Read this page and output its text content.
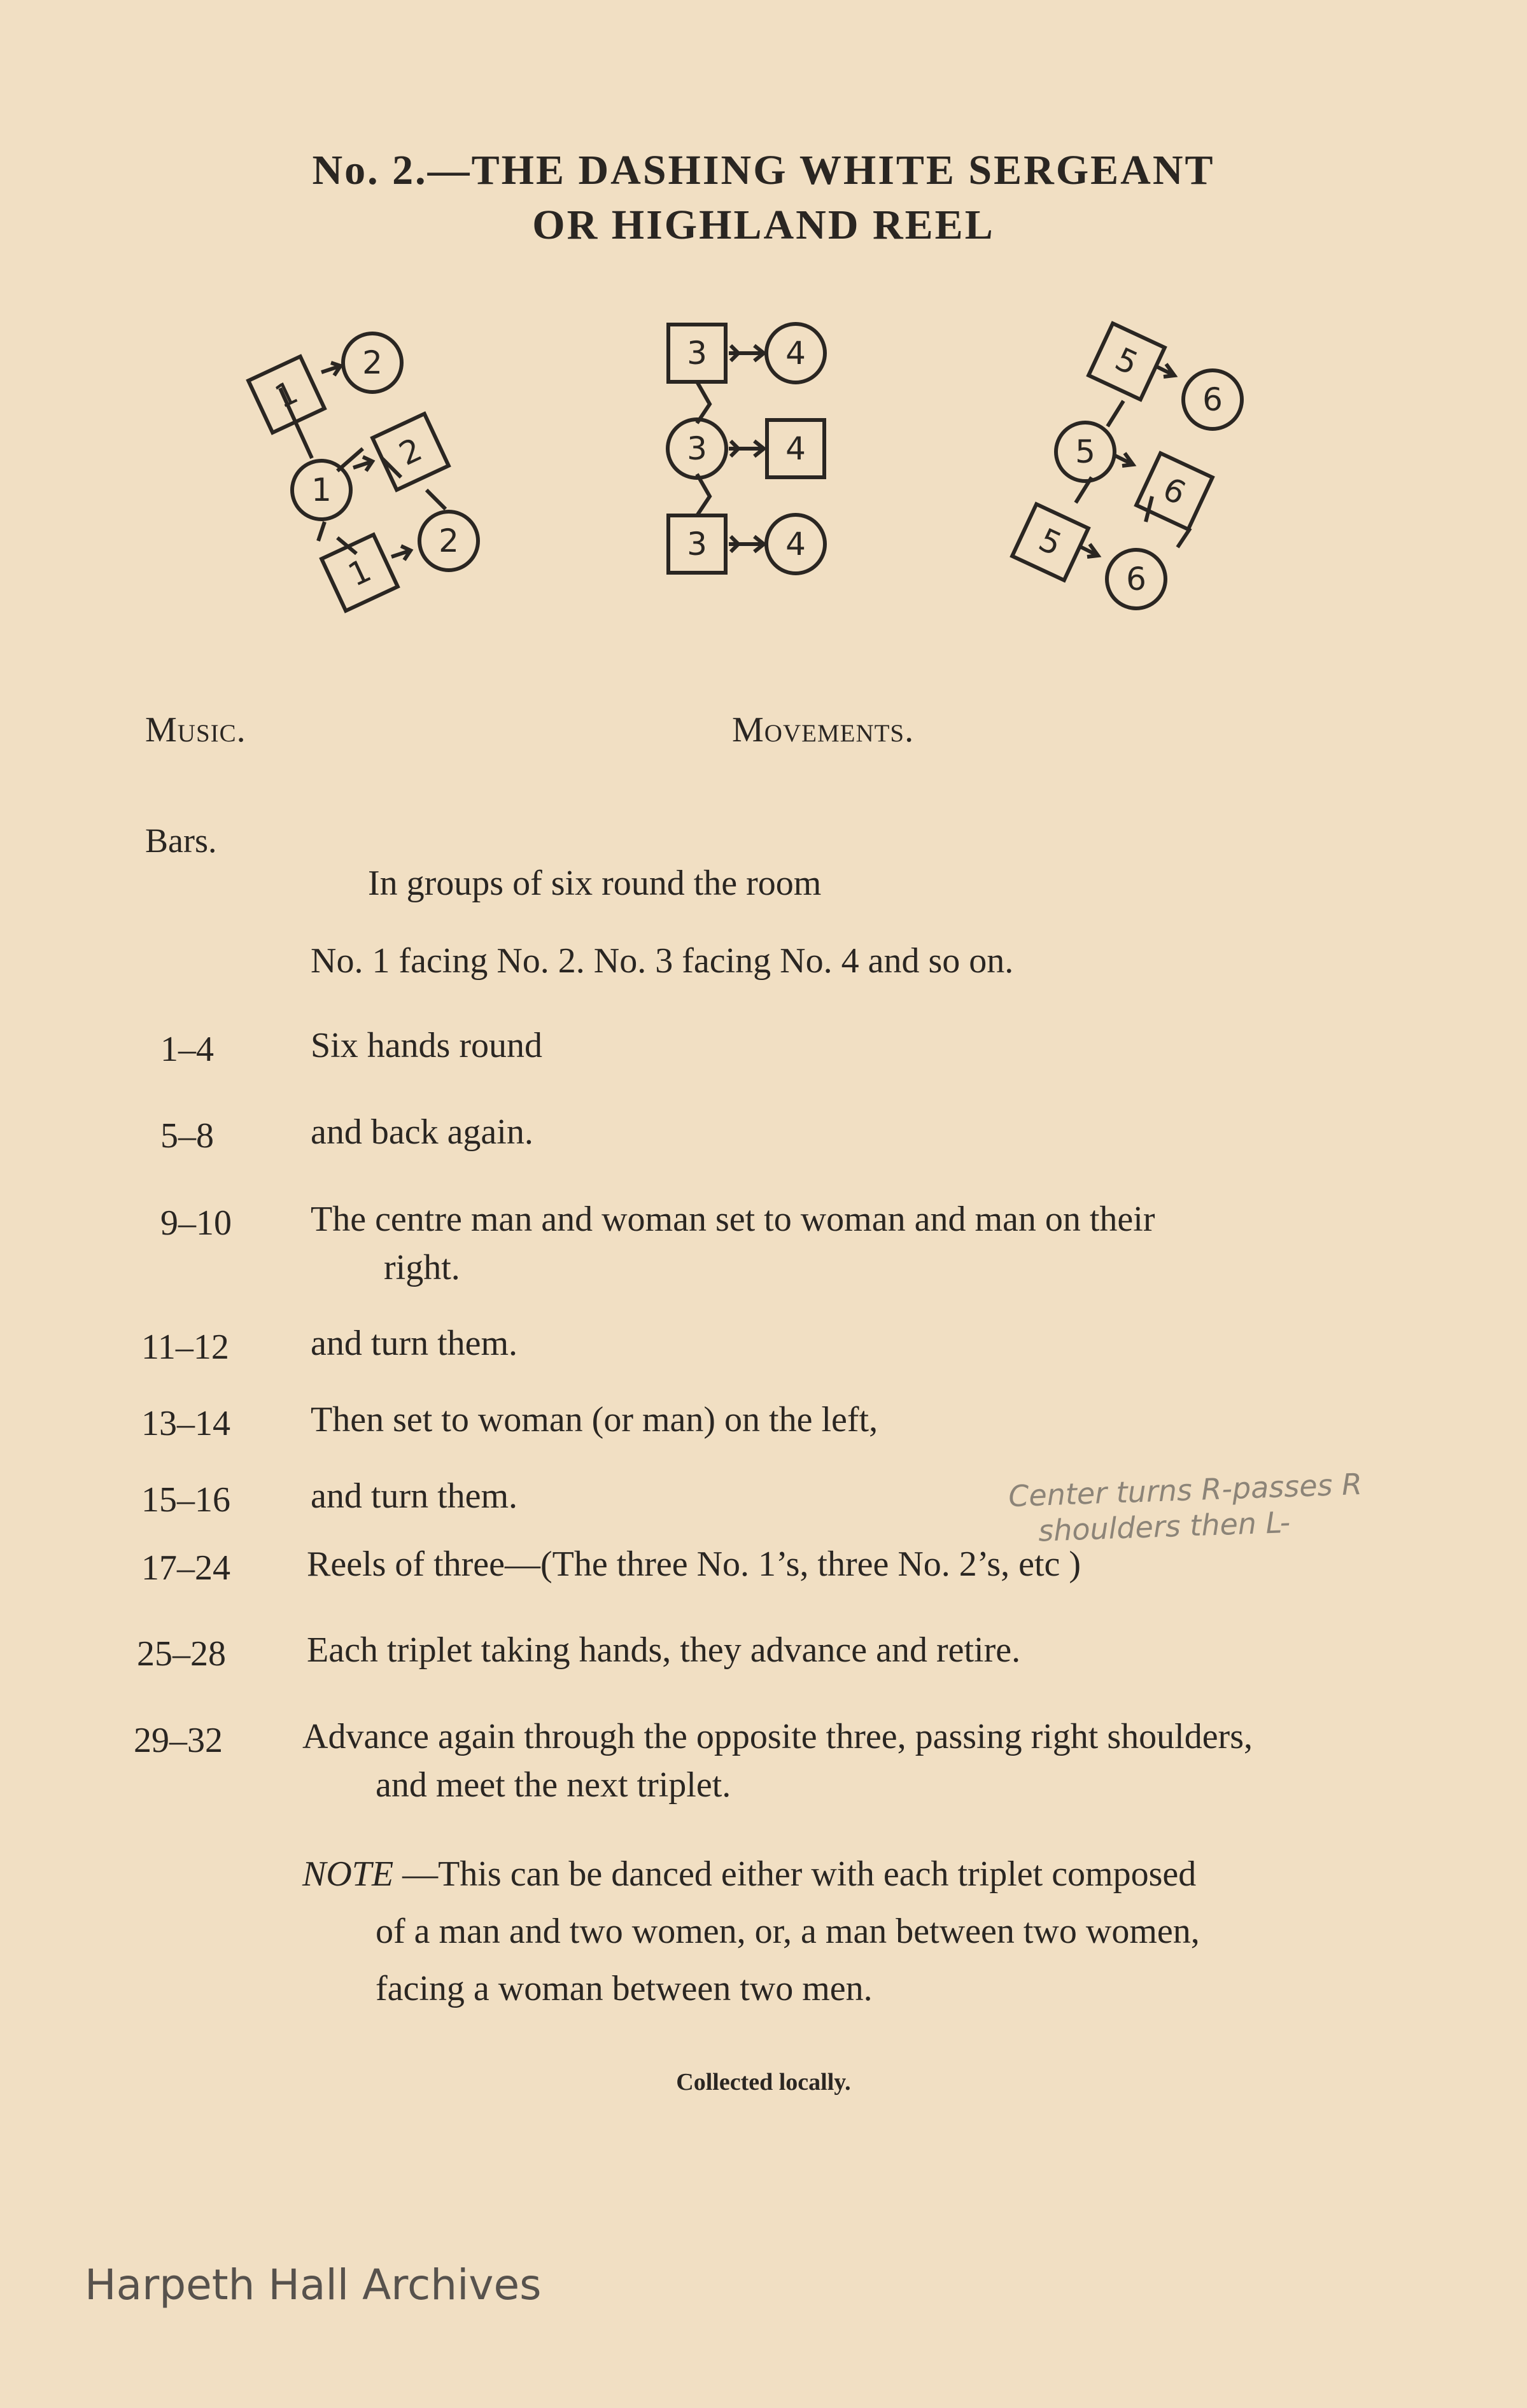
No. 2.—THE DASHING WHITE SERGEANT
OR HIGHLAND REEL
1
2
1
2
1
2
3 4
3 4
3 4
5
6
5
6
5
6
Music.	Movements.
Bars.
In groups of six round the room
No. 1 facing No. 2. No. 3 facing No. 4 and so on.
1–4	Six hands round
5–8	and back again.
9–10 The centre man and woman set to woman and man on their
right.
11–12 and turn them.
13–14 Then set to woman (or man) on the left,
15–16 and turn them.
17–24 Reels of three—(The three No. 1’s, three No. 2’s, etc )
25–28 Each triplet taking hands, they advance and retire.
29–32 Advance again through the opposite three, passing right shoulders,
and meet the next triplet.
NOTE —This can be danced either with each triplet composed
of a man and two women, or, a man between two women,
facing a woman between two men.
Center turns R-passes R
shoulders then L-
Collected locally.
Harpeth Hall Archives
